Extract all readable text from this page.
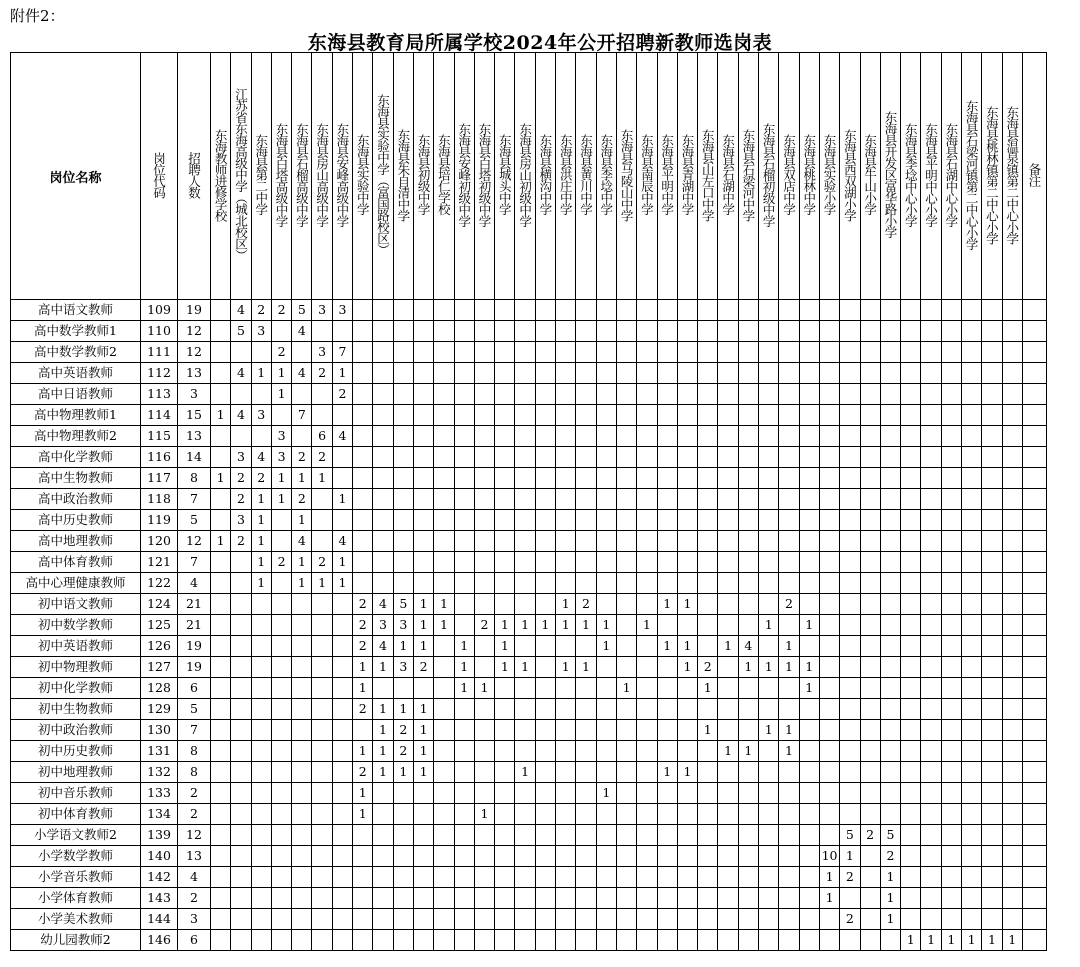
附件2：
东海县教育局所属学校2024年公开招聘新教师选岗表
岗位名称	岗位代码	招聘人数	东海教师进修学校	江苏省东海高级中学（城北校区）	东海县第二中学	东海县白塔高级中学	东海县石榴高级中学	东海县房山高级中学	东海县安峰高级中学	东海县实验中学	东海县实验中学（富国路校区）	东海县朱自清中学	东海县初级中学	东海县培仁学校	东海县安峰初级中学	东海县白塔初级中学	东海县城头中学	东海县房山初级中学	东海县横沟中学	东海县洪庄中学	东海县黄川中学	东海县李埝中学	东海县马陵山中学	东海县南辰中学	东海县平明中学	东海县青湖中学	东海县山左口中学	东海县石湖中学	东海县石梁河中学	东海县石榴初级中学	东海县双店中学	东海县桃林中学	东海县实验小学	东海县西双湖小学	东海县牛山小学	东海县开发区富华路小学	东海县李埝中心小学	东海县平明中心小学	东海县石湖中心小学	东海县石梁河镇第二中心小学	东海县桃林镇第二中心小学	东海县温泉镇第二中心小学	备注
高中语文教师	109	19		4	2	2	5	3	3																																		
高中数学教师1	110	12		5	3		4																																				
高中数学教师2	111	12				2		3	7																																		
高中英语教师	112	13		4	1	1	4	2	1																																		
高中日语教师	113	3				1			2																																		
高中物理教师1	114	15	1	4	3		7																																				
高中物理教师2	115	13				3		6	4																																		
高中化学教师	116	14		3	4	3	2	2																																			
高中生物教师	117	8	1	2	2	1	1	1																																			
高中政治教师	118	7		2	1	1	2		1																																		
高中历史教师	119	5		3	1		1																																				
高中地理教师	120	12	1	2	1		4		4																																		
高中体育教师	121	7			1	2	1	2	1																																		
高中心理健康教师	122	4			1		1	1	1																																		
初中语文教师	124	21								2	4	5	1	1						1	2				1	1					2												
初中数学教师	125	21								2	3	3	1	1		2	1	1	1	1	1	1		1						1		1											
初中英语教师	126	19								2	4	1	1		1		1					1			1	1		1	4		1												
初中物理教师	127	19								1	1	3	2		1		1	1		1	1					1	2		1	1	1	1											
初中化学教师	128	6								1					1	1							1				1					1											
初中生物教师	129	5								2	1	1	1																														
初中政治教师	130	7									1	2	1														1			1	1												
初中历史教师	131	8								1	1	2	1															1	1		1												
初中地理教师	132	8								2	1	1	1					1							1	1																	
初中音乐教师	133	2								1												1																					
初中体育教师	134	2								1						1																											
小学语文教师2	139	12																																5	2	5							
小学数学教师	140	13																															10	1		2							
小学音乐教师	142	4																															1	2		1							
小学体育教师	143	2																															1			1							
小学美术教师	144	3																																2		1							
幼儿园教师2	146	6																																			1	1	1	1	1	1	
